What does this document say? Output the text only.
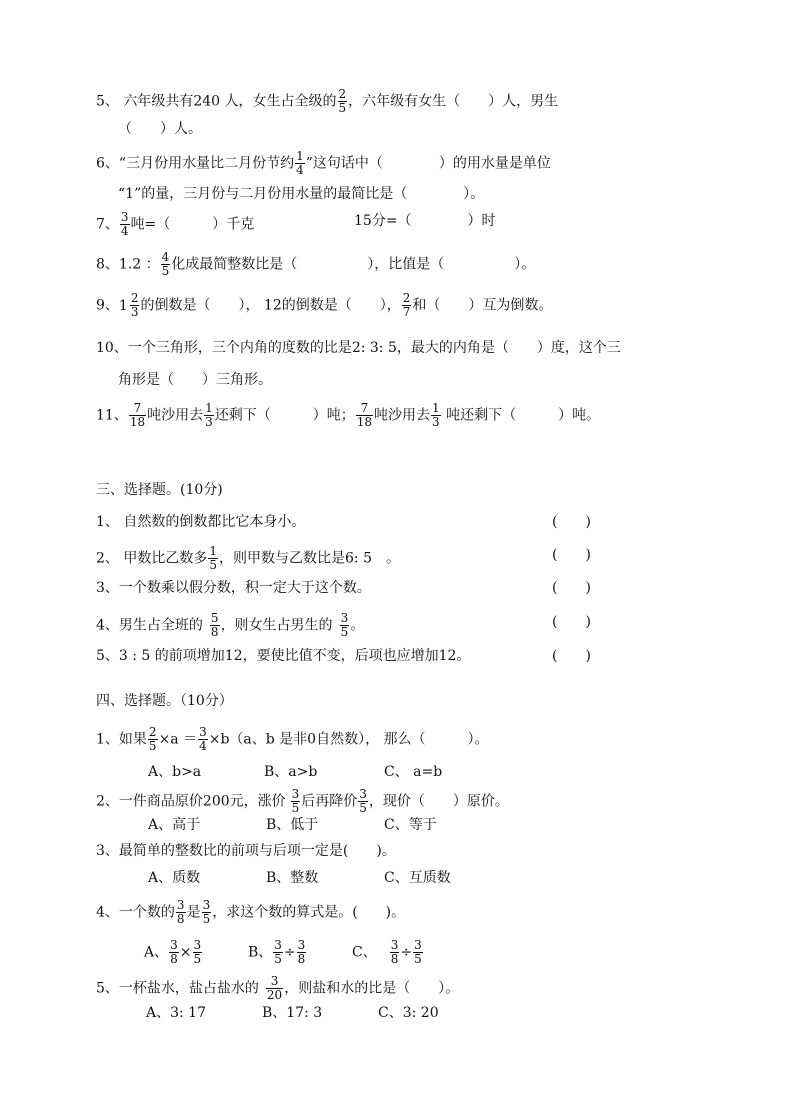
5、 六年级共有240 人，女生占全级的 $\frac{2}{5}$ ，六年级有女生（　　）人，男生
（　　）人。
6、“三月份用水量比二月份节约 $\frac{1}{4}$ ”这句话中（　　　　）的用水量是单位
“1”的量，三月份与二月份用水量的最简比是（　　　　）。
7、 $\frac{3}{4}$ 吨=（　　　）千克	15分=（　　　　）时
8、1.2 ： $\frac{4}{5}$ 化成最简整数比是（　　　　　），比值是（　　　　　）。
9、 $1 \frac{2}{3}$ 的倒数是（　　）， 12的倒数是（　　）， $\frac{2}{7}$ 和（　　）互为倒数。
10、一个三角形，三个内角的度数的比是2: 3: 5，最大的内角是（　　）度，这个三
角形是（　　）三角形。
11、 $\frac{7}{18}$ 吨沙用去 $\frac{1}{3}$ 还剩下（　　　）吨； $\frac{7}{18}$ 吨沙用去 $\frac{1}{3}$ 吨还剩下（　　　）吨。
三、选择题。(10分)
1、 自然数的倒数都比它本身小。	(　　)
2、 甲数比乙数多 $\frac{1}{5}$ ，则甲数与乙数比是6: 5　。	(　　)
3、一个数乘以假分数，积一定大于这个数。	(　　)
4、男生占全班的 $\frac{5}{8}$ ，则女生占男生的 $\frac{3}{5}$ 。	(　　)
5、3 : 5 的前项增加12，要使比值不变，后项也应增加12。	(　　)
四、选择题。（10分）
1、如果 $\frac{2}{5} \times a = \frac{3}{4} \times b(a$、b 是非0自然数）， 那么（　　　）。
A、b>a	B、a>b	C、 a=b
2、一件商品原价200元，涨价 $\frac{3}{5}$ 后再降价 $\frac{3}{5}$ ，现价（　　）原价。
A、高于	B、低于	C、等于
3、最简单的整数比的前项与后项一定是(　　)。
A、质数	B、整数	C、互质数
4、一个数的 $\frac{3}{8}$ 是 $\frac{3}{5}$ ，求这个数的算式是。(　　)。
A、 $\frac{3}{8} \times \frac{3}{5}$	B、 $\frac{3}{5} \div \frac{3}{8}$	C、 $\frac{3}{8} \div \frac{3}{5}$
5、一杯盐水，盐占盐水的 $\frac{3}{20}$ ，则盐和水的比是（　　）。
A、3: 17	B、17: 3	C、3: 20
